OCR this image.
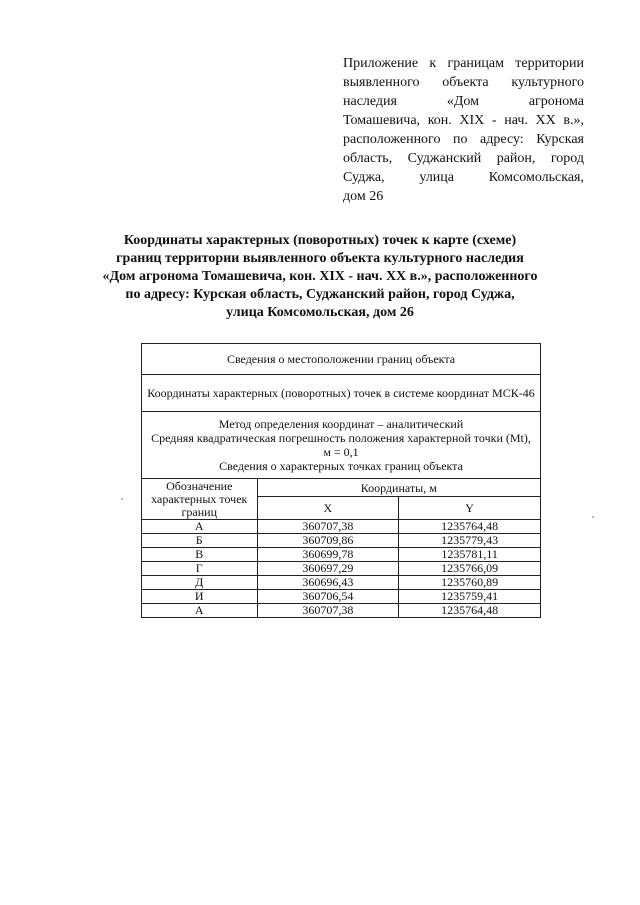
Приложение к границам территории
выявленного объекта культурного
наследия «Дом агронома
Томашевича, кон. XIX - нач. XX в.»,
расположенного по адресу: Курская
область, Суджанский район, город
Суджа, улица Комсомольская,
дом 26
Координаты характерных (поворотных) точек к карте (схеме)
границ территории выявленного объекта культурного наследия
«Дом агронома Томашевича, кон. XIX - нач. XX в.», расположенного
по адресу: Курская область, Суджанский район, город Суджа,
улица Комсомольская, дом 26
Сведения о местоположении границ объекта		
Координаты характерных (поворотных) точек в системе координат МСК-46		

Метод определения координат – аналитический
Средняя квадратическая погрешность положения характерной точки (Mt), м = 0,1
Сведения о характерных точках границ объекта		

Обозначение характерных точек границ	Координаты, м	
	X	Y
А	360707,38	1235764,48
Б	360709,86	1235779,43
В	360699,78	1235781,11
Г	360697,29	1235766,09
Д	360696,43	1235760,89
И	360706,54	1235759,41
А	360707,38	1235764,48
